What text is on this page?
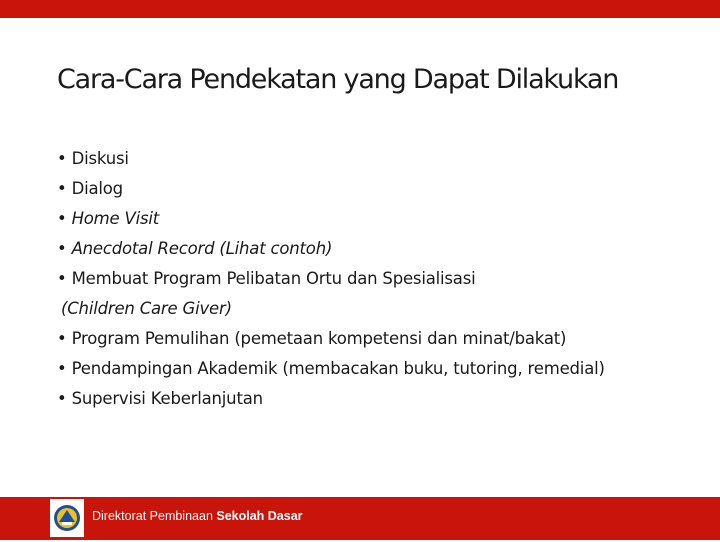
Cara-Cara Pendekatan yang Dapat Dilakukan
• Diskusi
• Dialog
• Home Visit
• Anecdotal Record (Lihat contoh)
• Membuat Program Pelibatan Ortu dan Spesialisasi
(Children Care Giver)
• Program Pemulihan (pemetaan kompetensi dan minat/bakat)
• Pendampingan Akademik (membacakan buku, tutoring, remedial)
• Supervisi Keberlanjutan
Direktorat Pembinaan Sekolah Dasar
